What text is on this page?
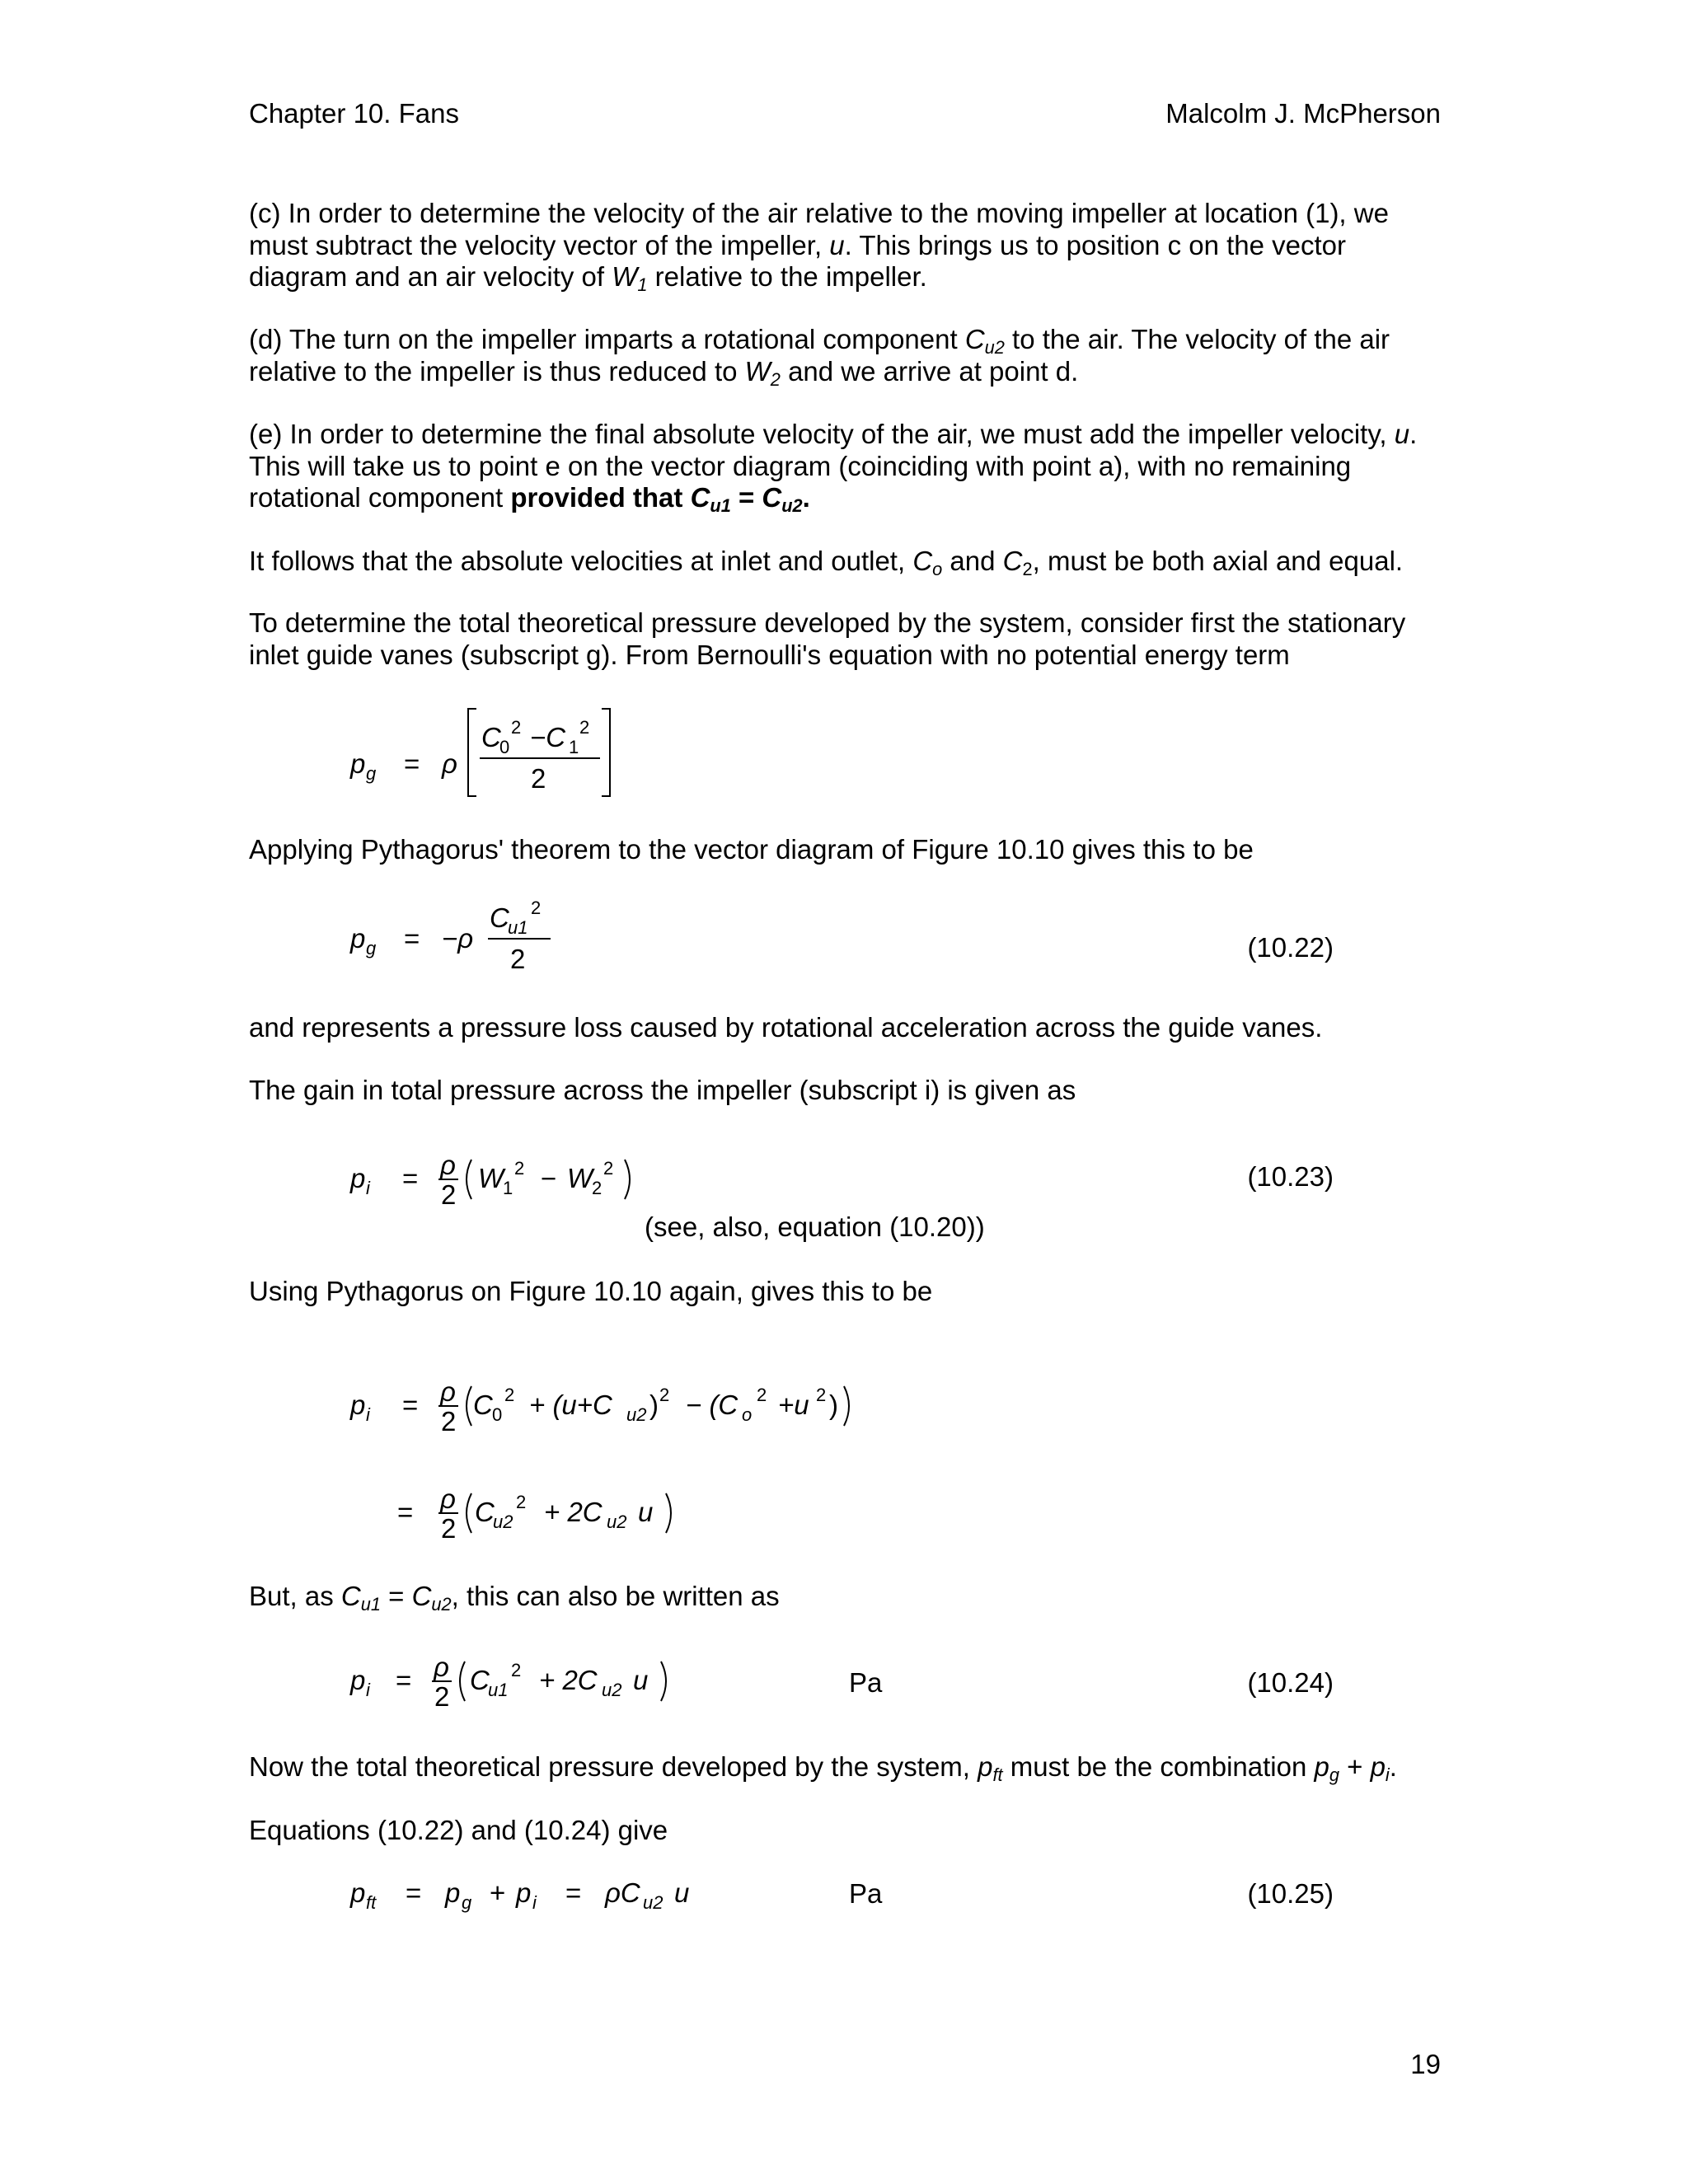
Chapter 10. Fans	Malcolm J. McPherson
(c) In order to determine the velocity of the air relative to the moving impeller at location (1), we
must subtract the velocity vector of the impeller, u. This brings us to position c on the vector
diagram and an air velocity of $W_1$ relative to the impeller.
(d) The turn on the impeller imparts a rotational component $C_{u2}$ to the air. The velocity of the air
relative to the impeller is thus reduced to $W_2$ and we arrive at point d.
(e) In order to determine the final absolute velocity of the air, we must add the impeller velocity, u.
This will take us to point e on the vector diagram (coinciding with point a), with no remaining
rotational component provided that $C_{u1} = C_{u2}$.
It follows that the absolute velocities at inlet and outlet, $C_o$ and $C_2$, must be both axial and equal.
To determine the total theoretical pressure developed by the system, consider first the stationary
inlet guide vanes (subscript g). From Bernoulli's equation with no potential energy term
p g = ρ
C
0
2 −C 1
2
2
Applying Pythagorus' theorem to the vector diagram of Figure 10.10 gives this to be
p g = −ρ
C
u1
2
2	(10.22)
and represents a pressure loss caused by rotational acceleration across the guide vanes.
The gain in total pressure across the impeller (subscript i) is given as
p i = ρ
2
W
1
2 − W
2
2	(10.23)
(see, also, equation (10.20))
Using Pythagorus on Figure 10.10 again, gives this to be
p i = ρ
2
C 0
2 + (u+C u2 ) 2 − (C o
2 +u 2 )
= ρ
2
C
u2
2 + 2C u2 u
But, as $C_{u1} = C_{u2}$, this can also be written as
p i = ρ
2
C
u1
2 + 2C u2 u	Pa	(10.24)
Now the total theoretical pressure developed by the system, $p_{ft}$ must be the combination $p_g + p_i$.
Equations (10.22) and (10.24) give
p ft = p g + p i = ρC u2 u	Pa	(10.25)
19
